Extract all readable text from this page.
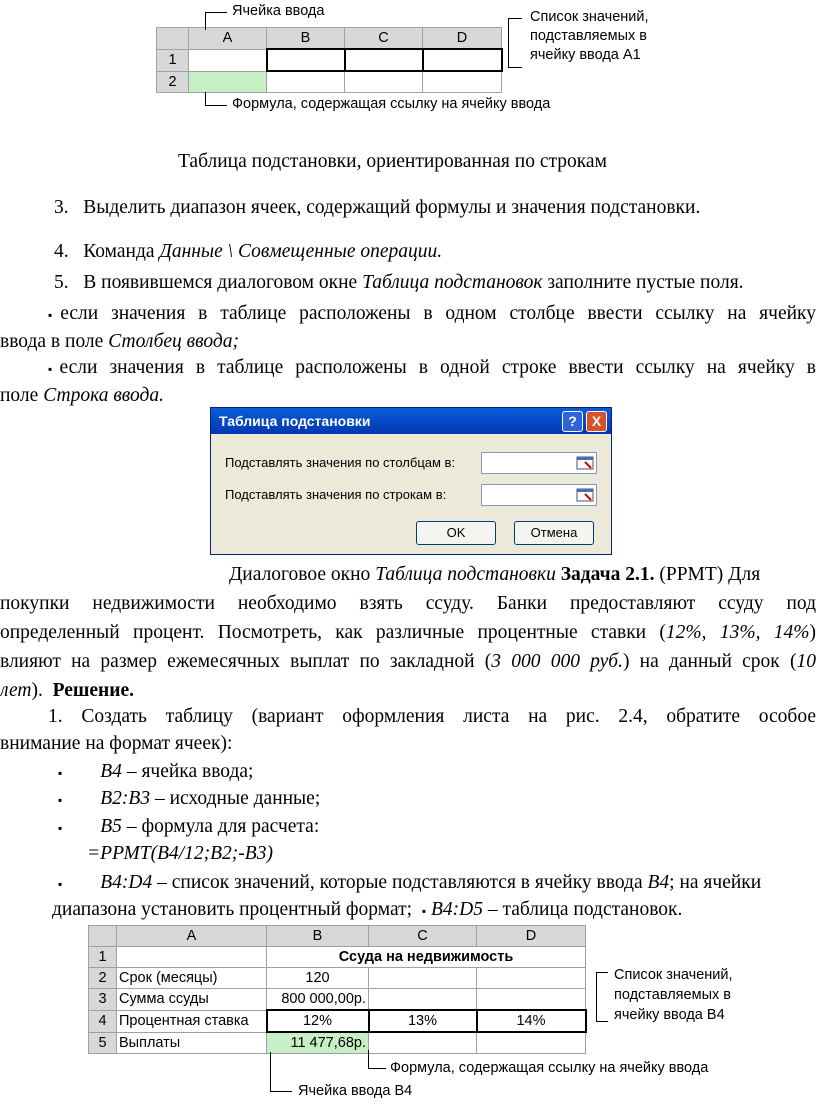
	A	B	C	D
1				
2				
Ячейка ввода	Список значений,
подставляемых в
ячейку ввода A1
Формула, содержащая ссылку на ячейку ввода
Таблица подстановки, ориентированная по строкам
3. Выделить диапазон ячеек, содержащий формулы и значения подстановки.
4. Команда Данные \ Совмещенные операции.
5. В появившемся диалоговом окне Таблица подстановок заполните пустые поля.
▪если значения в таблице расположены в одном столбце ввести ссылку на ячейку
ввода в поле Столбец ввода;
▪если значения в таблице расположены в одной строке ввести ссылку на ячейку в
поле Строка ввода.
Таблица подстановки	?	X
Подставлять значения по столбцам в:
Подставлять значения по строкам в:
OK	Отмена
Диалоговое окно Таблица подстановки Задача 2.1. (РРМТ) Для
покупки недвижимости необходимо взять ссуду. Банки предоставляют ссуду под
определенный процент. Посмотреть, как различные процентные ставки (12%, 13%, 14%)
влияют на размер ежемесячных выплат по закладной (3 000 000 руб.) на данный срок (10
лет).  Решение.
1. Создать таблицу (вариант оформления листа на рис. 2.4, обратите особое
внимание на формат ячеек):
▪ B4 – ячейка ввода;
▪ B2:B3 – исходные данные;
▪ B5 – формула для расчета:
=РРМТ(B4/12;B2;-B3)
▪ B4:D4 – список значений, которые подставляются в ячейку ввода B4; на ячейки
диапазона установить процентный формат;  ▪ B4:D5 – таблица подстановок.
	A	B	C	D
1		Ссуда на недвижимость		
2	Срок (месяцы)	120		
3	Сумма ссуды	800 000,00р.		
4	Процентная ставка	12%	13%	14%
5	Выплаты	11 477,68р.		
Список значений,
подставляемых в
ячейку ввода B4
Формула, содержащая ссылку на ячейку ввода
Ячейка ввода B4
